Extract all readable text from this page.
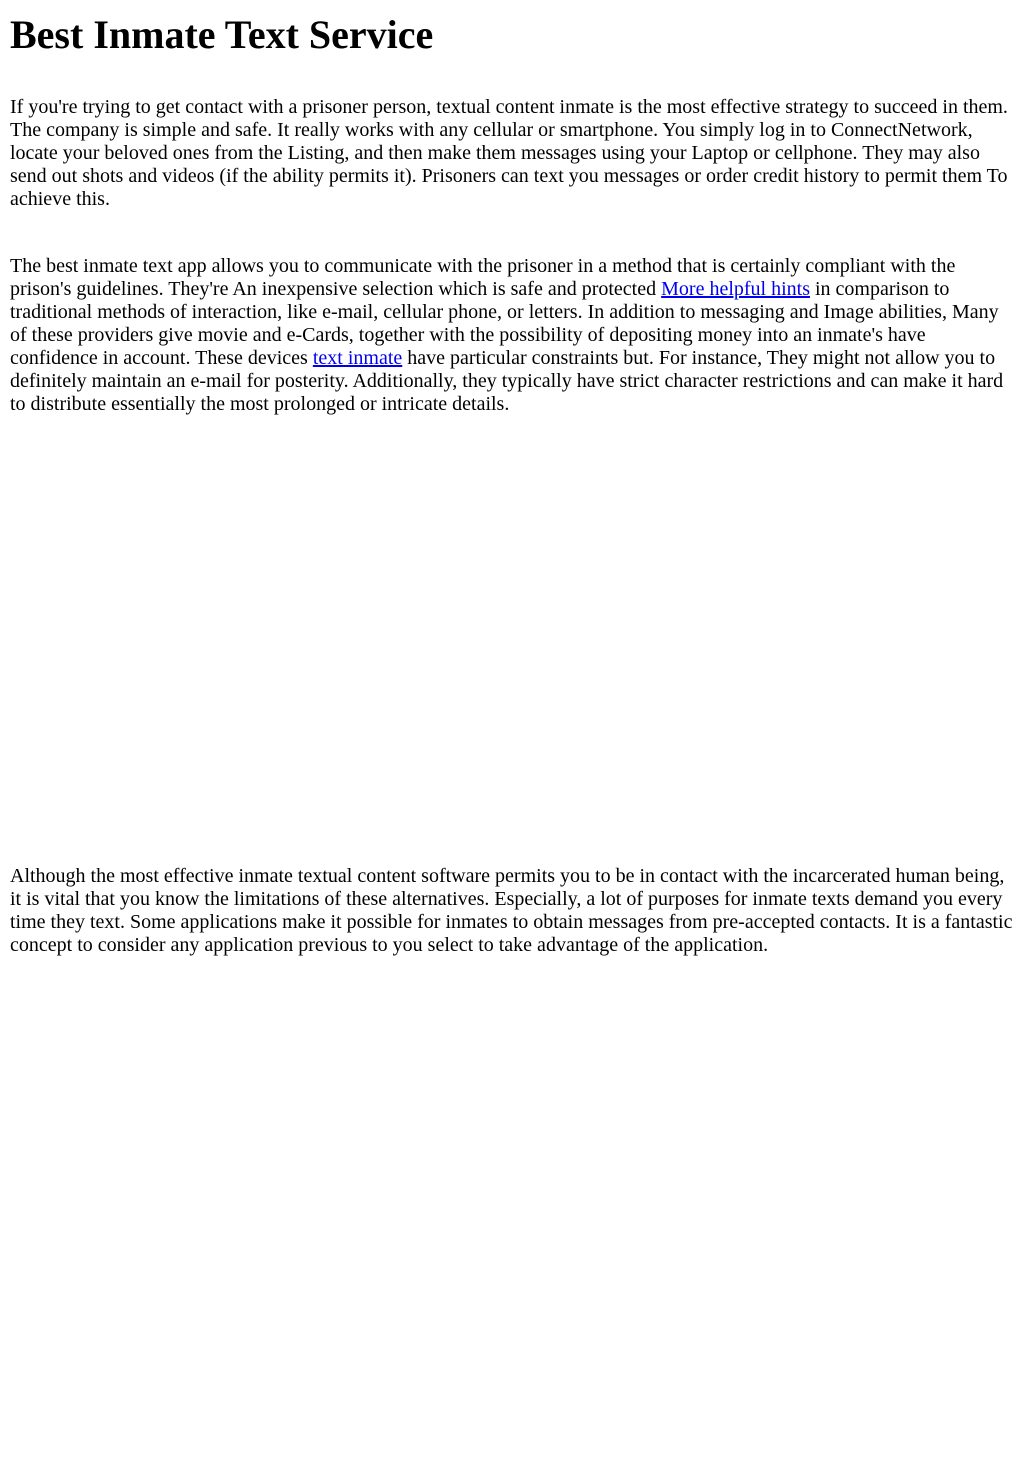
Best Inmate Text Service

If you're trying to get contact with a prisoner person, textual content inmate is the most effective strategy to succeed in them. The company is simple and safe. It really works with any cellular or smartphone. You simply log in to ConnectNetwork, locate your beloved ones from the Listing, and then make them messages using your Laptop or cellphone. They may also send out shots and videos (if the ability permits it). Prisoners can text you messages or order credit history to permit them To achieve this.

The best inmate text app allows you to communicate with the prisoner in a method that is certainly compliant with the prison's guidelines. They're An inexpensive selection which is safe and protected More helpful hints in comparison to traditional methods of interaction, like e-mail, cellular phone, or letters. In addition to messaging and Image abilities, Many of these providers give movie and e-Cards, together with the possibility of depositing money into an inmate's have confidence in account. These devices text inmate have particular constraints but. For instance, They might not allow you to definitely maintain an e-mail for posterity. Additionally, they typically have strict character restrictions and can make it hard to distribute essentially the most prolonged or intricate details.

Although the most effective inmate textual content software permits you to be in contact with the incarcerated human being, it is vital that you know the limitations of these alternatives. Especially, a lot of purposes for inmate texts demand you every time they text. Some applications make it possible for inmates to obtain messages from pre-accepted contacts. It is a fantastic concept to consider any application previous to you select to take advantage of the application.
